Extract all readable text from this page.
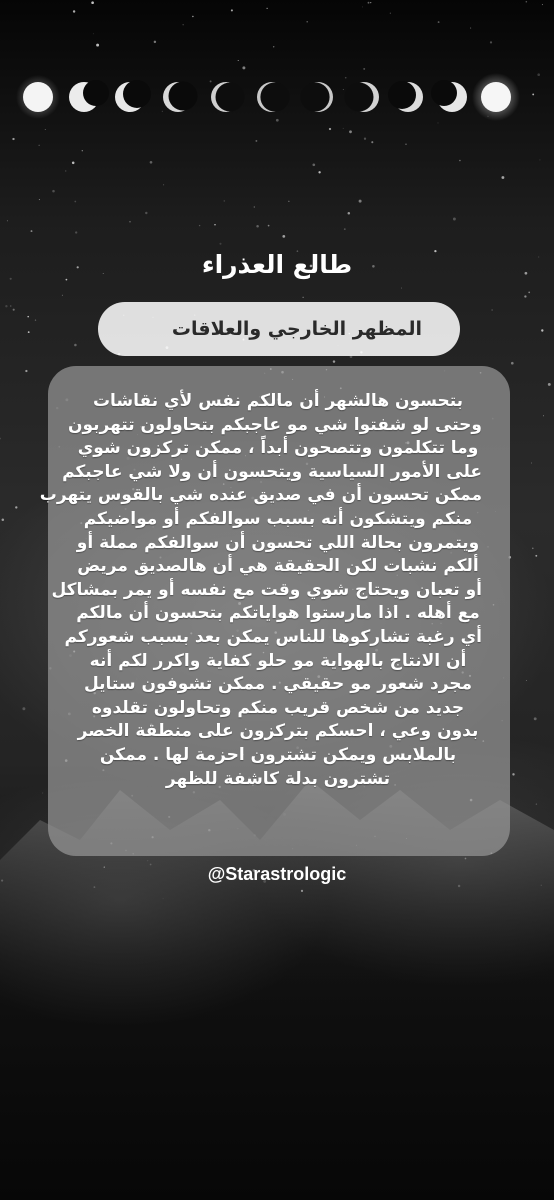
طالع العذراء
المظهر الخارجي والعلاقات
بتحسون هالشهر أن مالكم نفس لأي نقاشات
وحتى لو شفتوا شي مو عاجبكم بتحاولون تتهربون
وما تتكلمون وتتصحون أبداً ، ممكن تركزون شوي
على الأمور السياسية ويتحسون أن ولا شي عاجبكم
ممكن تحسون أن في صديق عنده شي بالقوس يتهرب
منكم ويتشكون أنه بسبب سوالفكم أو مواضيكم
ويتمرون بحالة اللي تحسون أن سوالفكم مملة أو
ألكم نشبات لكن الحقيقة هي أن هالصديق مريض
أو تعبان ويحتاج شوي وقت مع نفسه أو يمر بمشاكل
مع أهله . اذا مارستوا هواياتكم بتحسون أن مالكم
أي رغبة تشاركوها للناس يمكن بعد بسبب شعوركم
أن الانتاج بالهواية مو حلو كفاية واكرر لكم أنه
مجرد شعور مو حقيقي . ممكن تشوفون ستايل
جديد من شخص قريب منكم وتحاولون تقلدوه
بدون وعي ، احسكم بتركزون على منطقة الخصر
بالملابس ويمكن تشترون احزمة لها . ممكن
تشترون بدلة كاشفة للظهر
@Starastrologic
